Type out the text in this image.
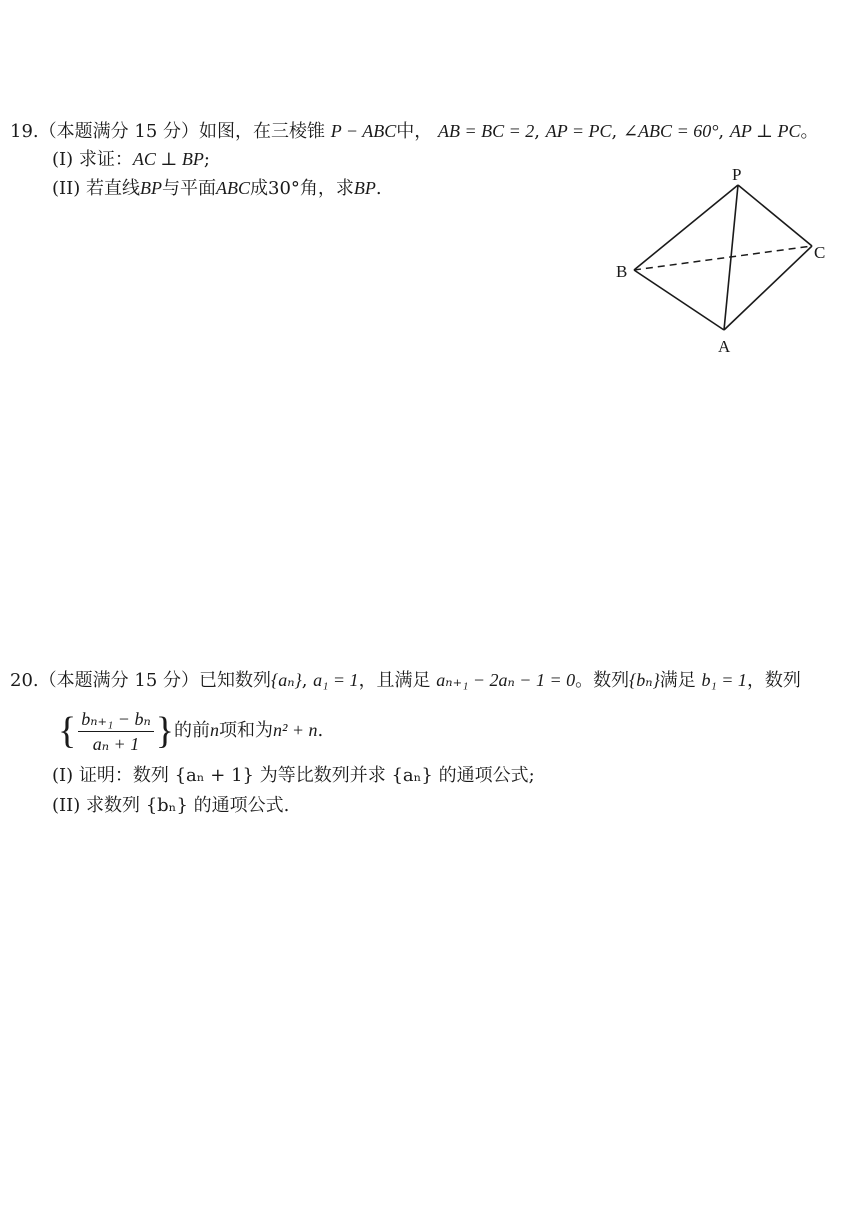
19.（本题满分 15 分）如图，在三棱锥 P − ABC中， AB = BC = 2, AP = PC, ∠ABC = 60°, AP ⊥ PC。
(I) 求证：AC ⊥ BP;
(II) 若直线BP与平面ABC成30°角，求BP.
P
B
C
A
20.（本题满分 15 分）已知数列{aₙ}, a₁ = 1，且满足 aₙ₊₁ − 2aₙ − 1 = 0。数列{bₙ}满足 b₁ = 1，数列
{ $\frac{\text{bₙ₊₁ − bₙ}}{\text{aₙ + 1}}$ }的前n项和为n² + n.
(I) 证明：数列 {aₙ + 1} 为等比数列并求 {aₙ} 的通项公式;
(II) 求数列 {bₙ} 的通项公式.
